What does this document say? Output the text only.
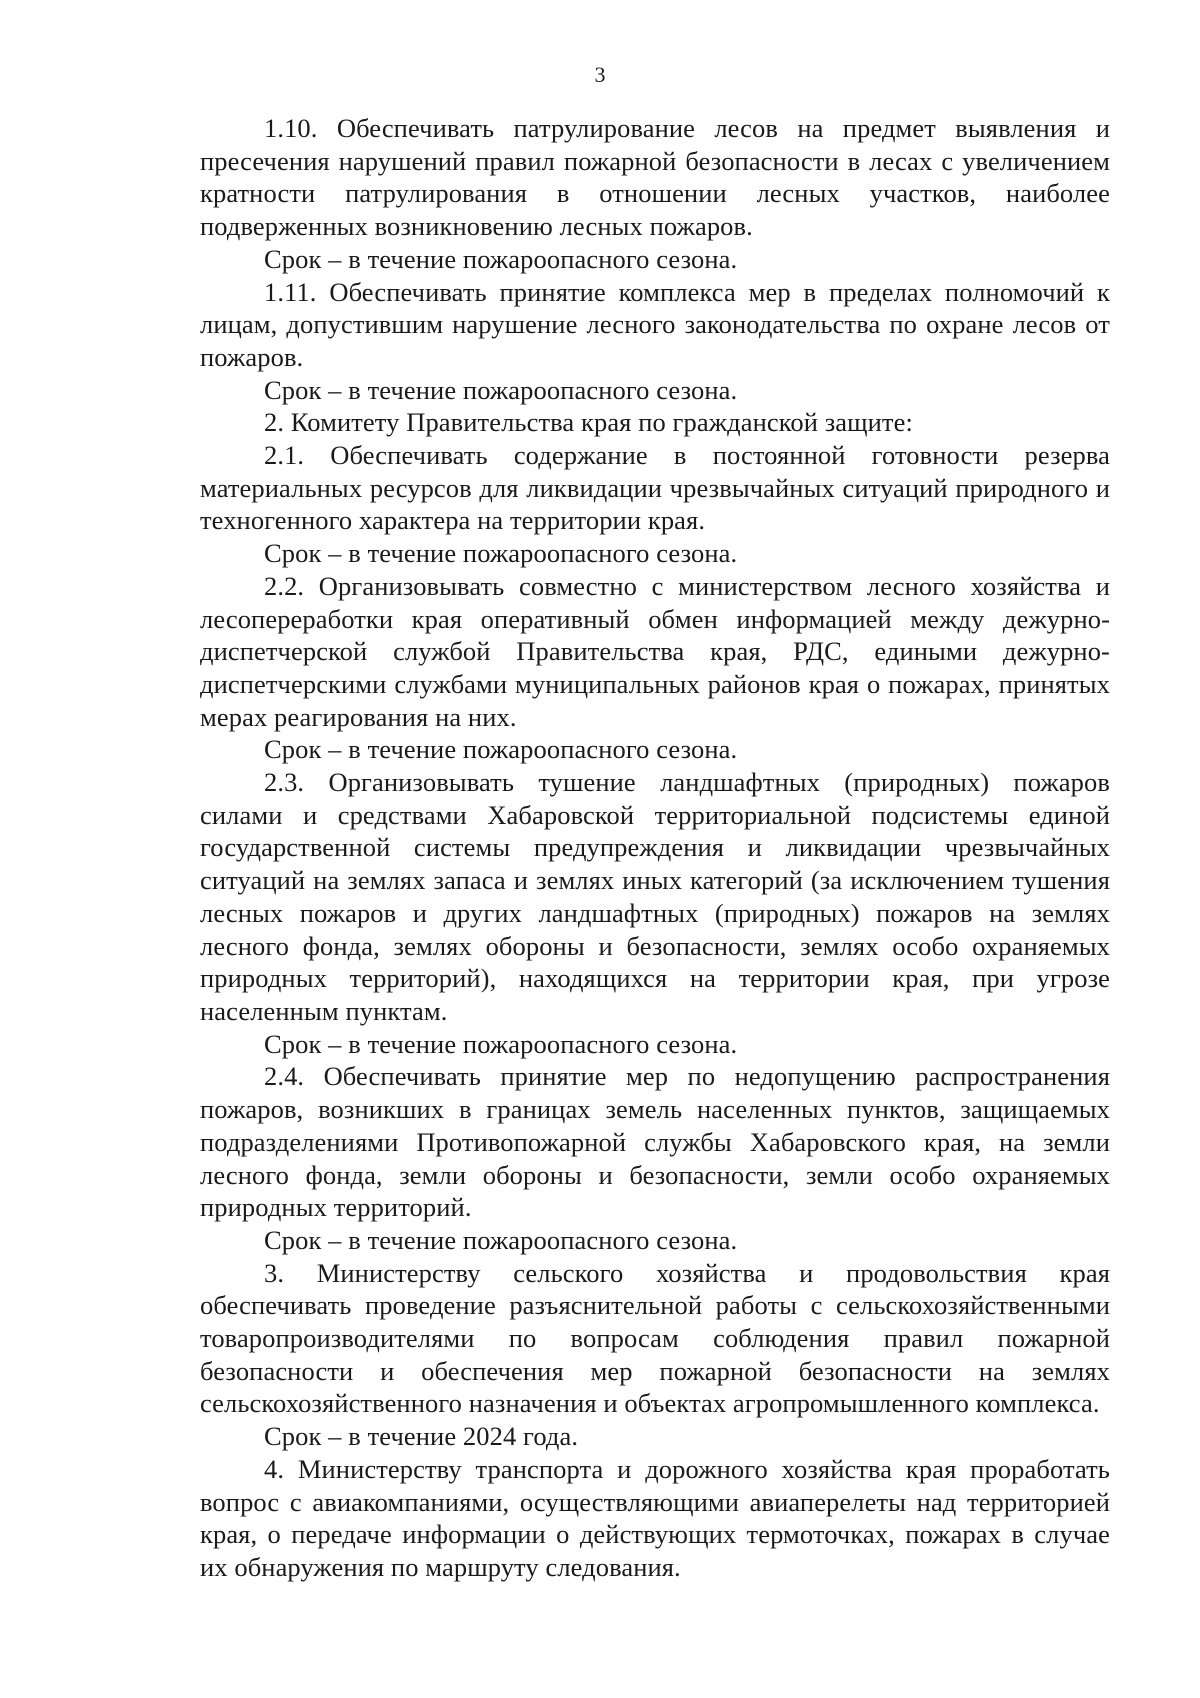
3

1.10. Обеспечивать патрулирование лесов на предмет выявления и пресечения нарушений правил пожарной безопасности в лесах с увеличением кратности патрулирования в отношении лесных участков, наиболее подверженных возникновению лесных пожаров.

Срок – в течение пожароопасного сезона.

1.11. Обеспечивать принятие комплекса мер в пределах полномочий к лицам, допустившим нарушение лесного законодательства по охране лесов от пожаров.

Срок – в течение пожароопасного сезона.

2. Комитету Правительства края по гражданской защите:

2.1. Обеспечивать содержание в постоянной готовности резерва материальных ресурсов для ликвидации чрезвычайных ситуаций природного и техногенного характера на территории края.

Срок – в течение пожароопасного сезона.

2.2. Организовывать совместно с министерством лесного хозяйства и лесопереработки края оперативный обмен информацией между дежурно-диспетчерской службой Правительства края, РДС, едиными дежурно-диспетчерскими службами муниципальных районов края о пожарах, принятых мерах реагирования на них.

Срок – в течение пожароопасного сезона.

2.3. Организовывать тушение ландшафтных (природных) пожаров силами и средствами Хабаровской территориальной подсистемы единой государственной системы предупреждения и ликвидации чрезвычайных ситуаций на землях запаса и землях иных категорий (за исключением тушения лесных пожаров и других ландшафтных (природных) пожаров на землях лесного фонда, землях обороны и безопасности, землях особо охраняемых природных территорий), находящихся на территории края, при угрозе населенным пунктам.

Срок – в течение пожароопасного сезона.

2.4. Обеспечивать принятие мер по недопущению распространения пожаров, возникших в границах земель населенных пунктов, защищаемых подразделениями Противопожарной службы Хабаровского края, на земли лесного фонда, земли обороны и безопасности, земли особо охраняемых природных территорий.

Срок – в течение пожароопасного сезона.

3. Министерству сельского хозяйства и продовольствия края обеспечивать проведение разъяснительной работы с сельскохозяйственными товаропроизводителями по вопросам соблюдения правил пожарной безопасности и обеспечения мер пожарной безопасности на землях сельскохозяйственного назначения и объектах агропромышленного комплекса.

Срок – в течение 2024 года.

4. Министерству транспорта и дорожного хозяйства края проработать вопрос с авиакомпаниями, осуществляющими авиаперелеты над территорией края, о передаче информации о действующих термоточках, пожарах в случае их обнаружения по маршруту следования.
